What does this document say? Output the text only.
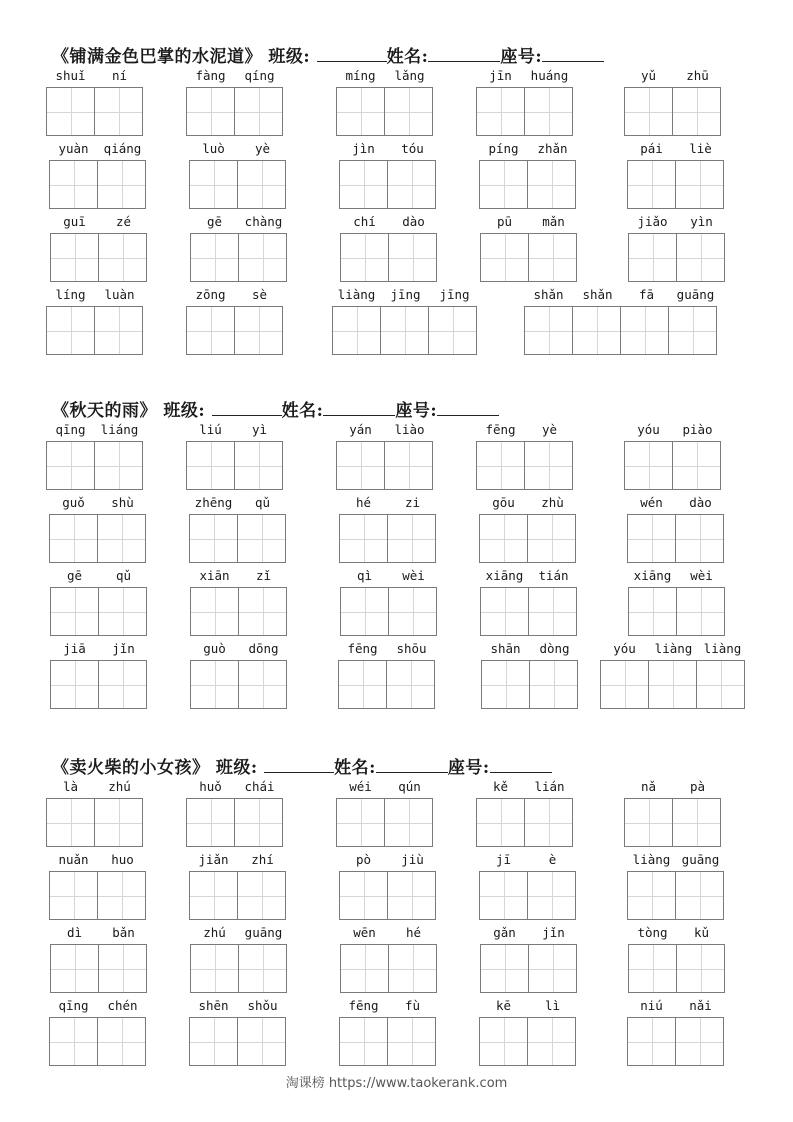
《铺满金色巴掌的水泥道》 班级:	姓名:	座号:
shuǐ	ní	fàng	qíng	míng	lǎng	jīn	huáng	yǔ	zhū
yuàn	qiáng	luò	yè	jìn	tóu	píng	zhǎn	pái	liè
guī	zé	gē	chàng	chí	dào	pū	mǎn	jiǎo	yìn
líng	luàn	zōng	sè	liàng	jīng	jīng	shǎn	shǎn	fā	guāng
《秋天的雨》 班级:	姓名:	座号:
qīng	liáng	liú	yì	yán	liào	fēng	yè	yóu	piào
guǒ	shù	zhēng	qǔ	hé	zi	gōu	zhù	wén	dào
gē	qǔ	xiān	zǐ	qì	wèi	xiāng	tián	xiāng	wèi
jiā	jǐn	guò	dōng	fēng	shōu	shān	dòng	yóu	liàng liàng
《卖火柴的小女孩》 班级:	姓名:	座号:
là	zhú	huǒ	chái	wéi	qún	kě	lián	nǎ	pà
nuǎn	huo	jiǎn	zhí	pò	jiù	jī	è	liàng guāng
dì	bǎn	zhú	guāng	wēn	hé	gǎn	jǐn	tòng	kǔ
qīng	chén	shēn	shǒu	fēng	fù	kē	lì	niú	nǎi
淘课榜 https://www.taokerank.com
